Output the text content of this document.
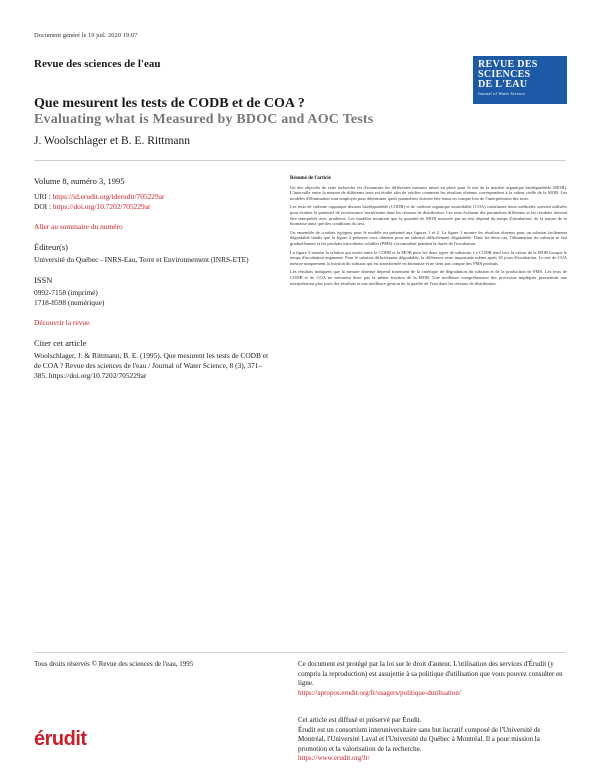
Document généré le 19 juil. 2020 19:07
Revue des sciences de l'eau	REVUE DES
SCIENCES
DE L'EAU
Journal of Water Science
Que mesurent les tests de CODB et de COA ?
Evaluating what is Measured by BDOC and AOC Tests
J. Woolschlager et B. E. Rittmann
Volume 8, numéro 3, 1995
URI : https://id.erudit.org/iderudit/705229ar
DOI : https://doi.org/10.7202/705229ar
Aller au sommaire du numéro
Éditeur(s)
Université du Québec - INRS-Eau, Terre et Environnement (INRS-ETE)
ISSN
0992-7158 (imprimé)
1718-8598 (numérique)
Découvrir la revue
Citer cet article
Woolschlager, J. & Rittmann, B. E. (1995). Que mesurent les tests de CODB et de COA ? Revue des sciences de l'eau / Journal of Water Science, 8 (3), 371–385. https://doi.org/10.7202/705229ar
Résumé de l'article

Un des objectifs de cette recherche est d'examiner les différentes mesures mises en place pour le test de la matière organique biodégradable (MOB). L'intervalle entre la mesure de différents tests est étudié afin de vérifier comment les résultats obtenus correspondent à la valeur réelle de la MOB. Les modèles d'élimination sont employés pour déterminer quels paramètres doivent être tenus en compte lors de l'interprétation des tests.

Les tests de carbone organique dissous biodégradable (CODB) et de carbone organique assimilable (COA) constituent deux méthodes souvent utilisées pour évaluer le potentiel de recroissance bactérienne dans les réseaux de distribution. Ces tests évaluent des paramètres différents et les résultats doivent être interprétés avec prudence. Les modèles montrent que la quantité de MOB mesurée par un test dépend du temps d'incubation, de la nature de la biomasse ainsi que des conditions du test.

Un ensemble de courbes typiques pour le modèle est présenté aux figures 1 et 2. La figure 1 montre les résultats obtenus pour un substrat facilement dégradable tandis que la figure 2 présente ceux obtenus pour un substrat difficilement dégradable. Dans les deux cas, l'élimination du substrat se fait graduellement et les produits microbiens solubles (PMS) s'accumulent pendant la durée de l'incubation.

La figure 3 montre la relation qui existe entre le CODB et la MOB pour les deux types de substrats. Le CODB tend vers la valeur de la MOB lorsque le temps d'incubation augmente. Pour le substrat difficilement dégradable, la différence reste importante même après 30 jours d'incubation. Le test de COA mesure uniquement la fraction du substrat qui est transformée en biomasse et ne tient pas compte des PMS produits.

Les résultats indiquent que la mesure obtenue dépend fortement de la cinétique de dégradation du substrat et de la production de PMS. Les tests de CODB et de COA ne mesurent donc pas la même fraction de la MOB. Une meilleure compréhension des processus impliqués permettrait une interprétation plus juste des résultats et une meilleure gestion de la qualité de l'eau dans les réseaux de distribution.

Tous droits réservés © Revue des sciences de l'eau, 1995	Ce document est protégé par la loi sur le droit d'auteur. L'utilisation des services d'Érudit (y compris la reproduction) est assujettie à sa politique d'utilisation que vous pouvez consulter en ligne.
https://apropos.erudit.org/fr/usagers/politique-dutilisation/
érudit
Cet article est diffusé et préservé par Érudit.
Érudit est un consortium interuniversitaire sans but lucratif composé de l'Université de Montréal, l'Université Laval et l'Université du Québec à Montréal. Il a pour mission la promotion et la valorisation de la recherche.
https://www.erudit.org/fr/
